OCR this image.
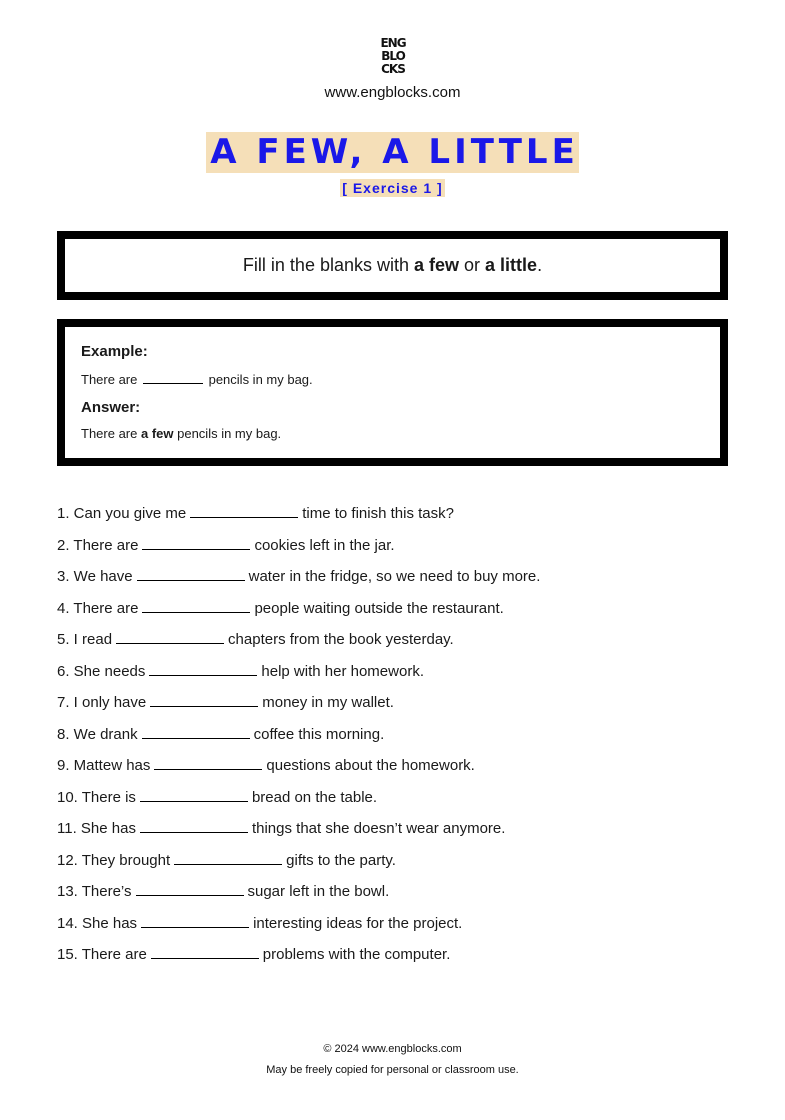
ENG
BLO
CKS
www.engblocks.com
A FEW, A LITTLE
[ Exercise 1 ]
Fill in the blanks with a few or a little.
Example:
There are	pencils in my bag.
Answer:
There are a few pencils in my bag.
1. Can you give me	time to finish this task?
2. There are	cookies left in the jar.
3. We have	water in the fridge, so we need to buy more.
4. There are	people waiting outside the restaurant.
5. I read	chapters from the book yesterday.
6. She needs	help with her homework.
7. I only have	money in my wallet.
8. We drank	coffee this morning.
9. Mattew has	questions about the homework.
10. There is	bread on the table.
11. She has	things that she doesn’t wear anymore.
12. They brought	gifts to the party.
13. There’s	sugar left in the bowl.
14. She has	interesting ideas for the project.
15. There are	problems with the computer.
© 2024 www.engblocks.com
May be freely copied for personal or classroom use.
